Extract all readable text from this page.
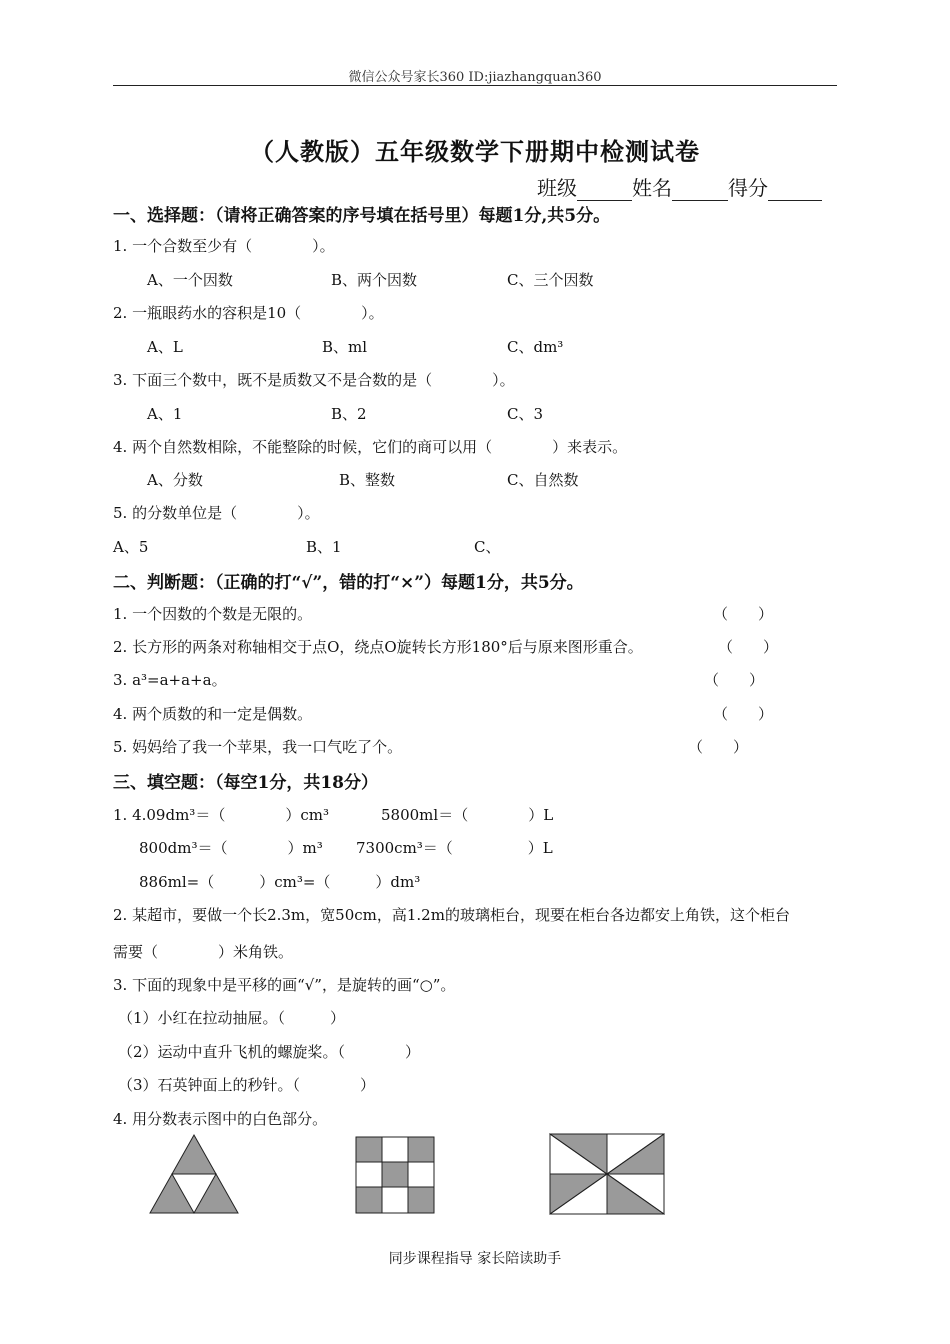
微信公众号家长360 ID:jiazhangquan360
（人教版）五年级数学下册期中检测试卷
班级	姓名	得分
一、选择题：（请将正确答案的序号填在括号里）每题1分,共5分。
1. 一个合数至少有（　　　　）。
A、一个因数	B、两个因数	C、三个因数
2. 一瓶眼药水的容积是10（　　　　）。
A、L	B、ml	C、dm³
3. 下面三个数中，既不是质数又不是合数的是（　　　　）。
A、1	B、2	C、3
4. 两个自然数相除，不能整除的时候，它们的商可以用（　　　　）来表示。
A、分数	B、整数	C、自然数
5. 的分数单位是（　　　　）。
A、5	B、1	C、
二、判断题：（正确的打“√”，错的打“×”）每题1分，共5分。
1. 一个因数的个数是无限的。	（　　）
2. 长方形的两条对称轴相交于点O，绕点O旋转长方形180°后与原来图形重合。	（　　）
3. a³=a+a+a。	（　　）
4. 两个质数的和一定是偶数。	（　　）
5. 妈妈给了我一个苹果，我一口气吃了个。	（　　）
三、填空题：（每空1分，共18分）
1. 4.09dm³＝（　　　　）cm³	5800ml＝（　　　　）L
800dm³＝（　　　　）m³ 7300cm³＝（　　　　　）L
886ml=（　　　）cm³=（　　　）dm³
2. 某超市，要做一个长2.3m，宽50cm，高1.2m的玻璃柜台，现要在柜台各边都安上角铁，这个柜台
需要（　　　　）米角铁。
3. 下面的现象中是平移的画“√”，是旋转的画“○”。
（1）小红在拉动抽屉。（　　　）
（2）运动中直升飞机的螺旋桨。（　　　　）
（3）石英钟面上的秒针。（　　　　）
4. 用分数表示图中的白色部分。
同步课程指导 家长陪读助手
